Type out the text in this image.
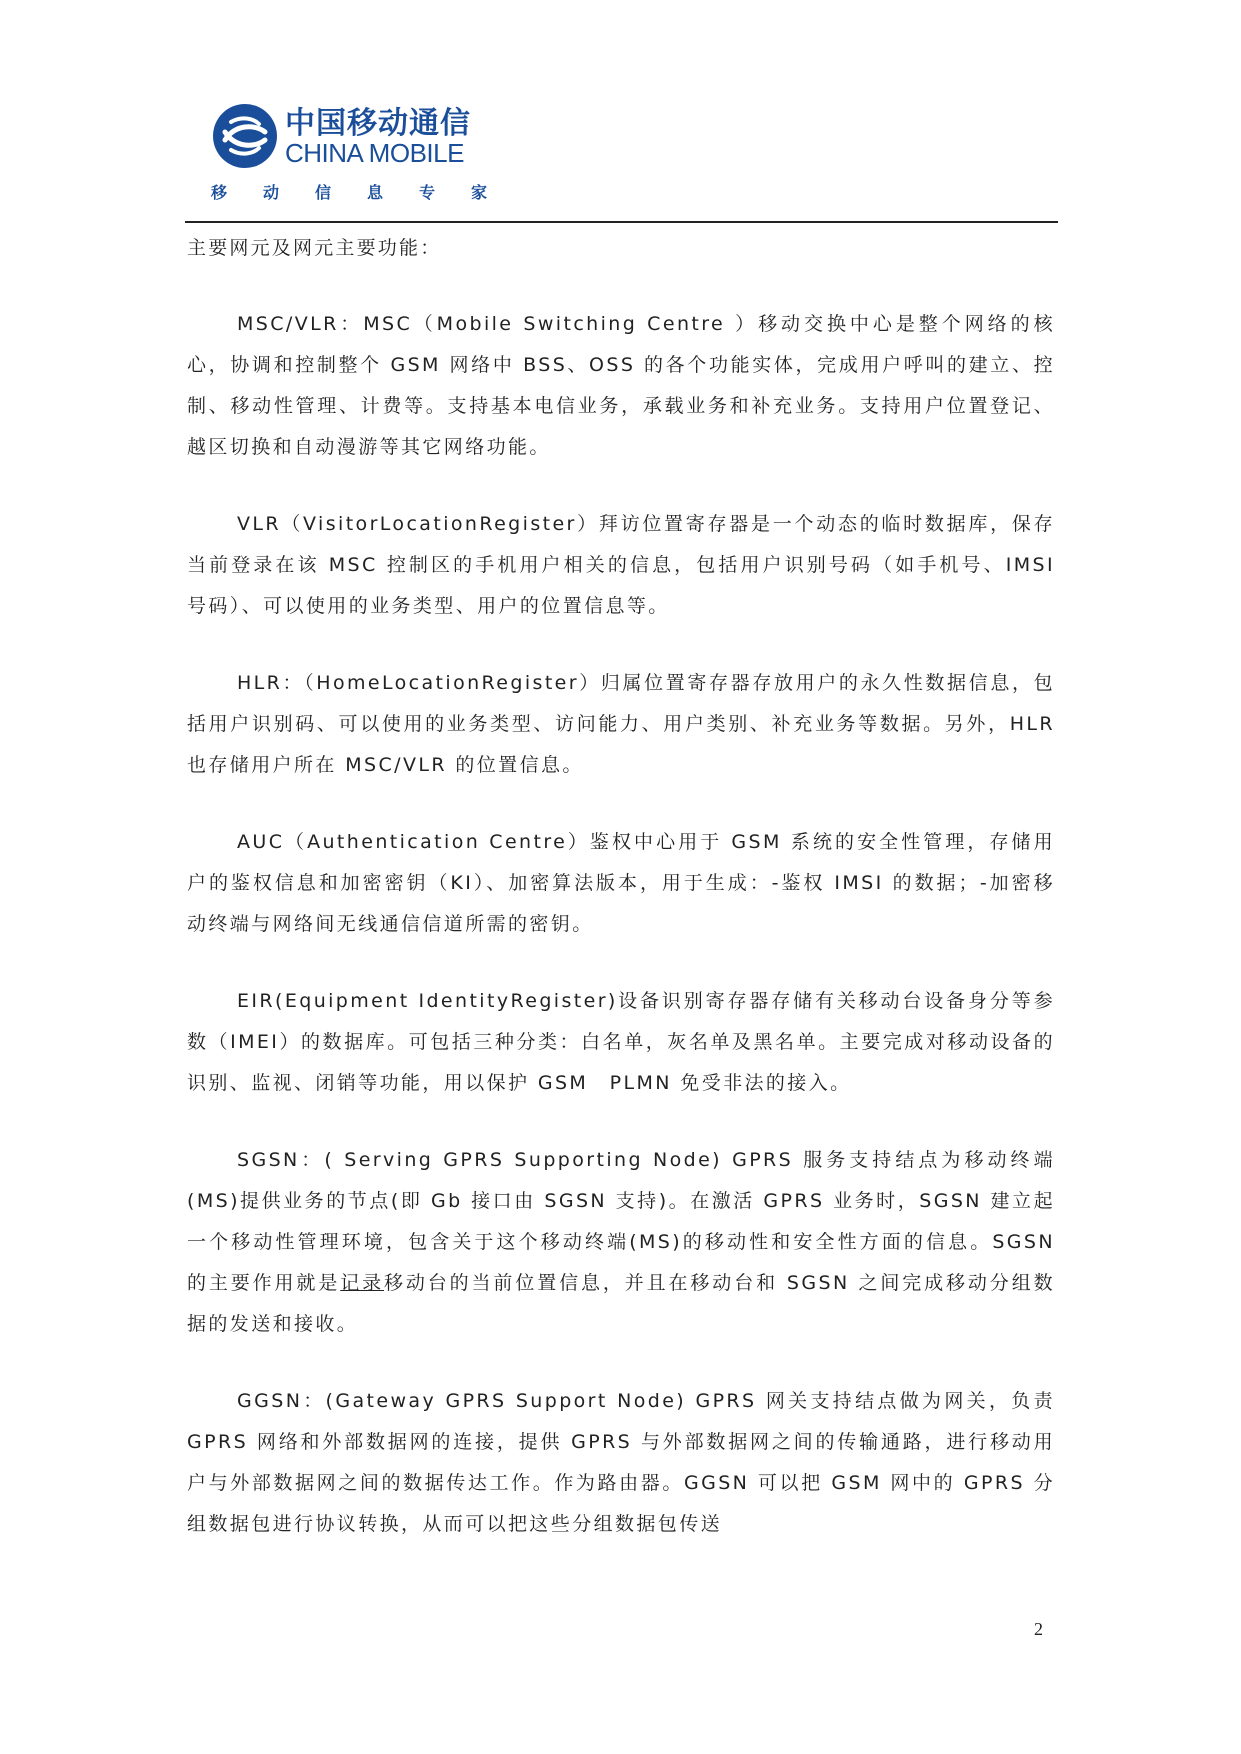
中国移动通信
CHINA MOBILE
移动信息专家

主要网元及网元主要功能：

MSC/VLR：MSC（Mobile Switching Centre ）移动交换中心是整个网络的核心，协调和控制整个 GSM 网络中 BSS、OSS 的各个功能实体，完成用户呼叫的建立、控制、移动性管理、计费等。支持基本电信业务，承载业务和补充业务。支持用户位置登记、越区切换和自动漫游等其它网络功能。

VLR（VisitorLocationRegister）拜访位置寄存器是一个动态的临时数据库，保存当前登录在该 MSC 控制区的手机用户相关的信息，包括用户识别号码（如手机号、IMSI 号码）、可以使用的业务类型、用户的位置信息等。

HLR：（HomeLocationRegister）归属位置寄存器存放用户的永久性数据信息，包括用户识别码、可以使用的业务类型、访问能力、用户类别、补充业务等数据。另外，HLR 也存储用户所在 MSC/VLR 的位置信息。

AUC（Authentication Centre）鉴权中心用于 GSM 系统的安全性管理，存储用户的鉴权信息和加密密钥（KI）、加密算法版本，用于生成：-鉴权 IMSI 的数据；-加密移动终端与网络间无线通信信道所需的密钥。

EIR(Equipment IdentityRegister)设备识别寄存器存储有关移动台设备身分等参数（IMEI）的数据库。可包括三种分类：白名单，灰名单及黑名单。主要完成对移动设备的识别、监视、闭销等功能，用以保护 GSM　PLMN 免受非法的接入。

SGSN：( Serving GPRS Supporting Node) GPRS 服务支持结点为移动终端(MS)提供业务的节点(即 Gb 接口由 SGSN 支持)。在激活 GPRS 业务时，SGSN 建立起一个移动性管理环境，包含关于这个移动终端(MS)的移动性和安全性方面的信息。SGSN 的主要作用就是记录移动台的当前位置信息，并且在移动台和 SGSN 之间完成移动分组数据的发送和接收。

GGSN：(Gateway GPRS Support Node) GPRS 网关支持结点做为网关，负责 GPRS 网络和外部数据网的连接，提供 GPRS 与外部数据网之间的传输通路，进行移动用户与外部数据网之间的数据传达工作。作为路由器。GGSN 可以把 GSM 网中的 GPRS 分组数据包进行协议转换，从而可以把这些分组数据包传送

2
